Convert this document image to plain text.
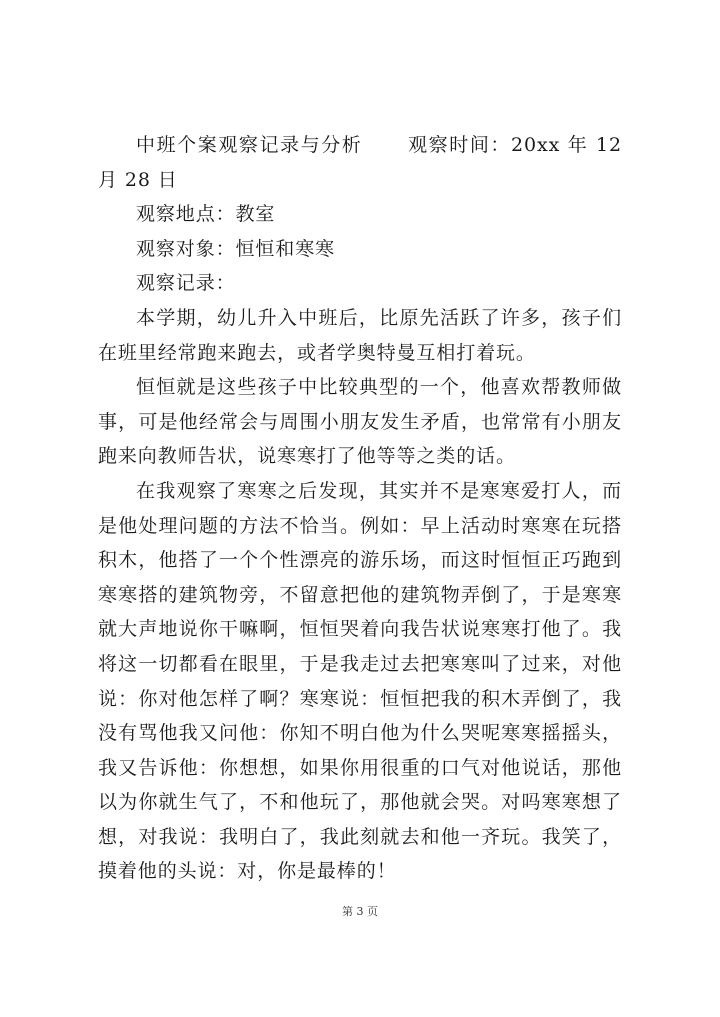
中班个案观察记录与分析      观察时间：20xx 年 12 月 28 日

观察地点：教室

观察对象：恒恒和寒寒

观察记录：

本学期，幼儿升入中班后，比原先活跃了许多，孩子们在班里经常跑来跑去，或者学奥特曼互相打着玩。

恒恒就是这些孩子中比较典型的一个，他喜欢帮教师做事，可是他经常会与周围小朋友发生矛盾，也常常有小朋友跑来向教师告状，说寒寒打了他等等之类的话。

在我观察了寒寒之后发现，其实并不是寒寒爱打人，而是他处理问题的方法不恰当。例如：早上活动时寒寒在玩搭积木，他搭了一个个性漂亮的游乐场，而这时恒恒正巧跑到寒寒搭的建筑物旁，不留意把他的建筑物弄倒了，于是寒寒就大声地说你干嘛啊，恒恒哭着向我告状说寒寒打他了。我将这一切都看在眼里，于是我走过去把寒寒叫了过来，对他说：你对他怎样了啊？寒寒说：恒恒把我的积木弄倒了，我没有骂他我又问他：你知不明白他为什么哭呢寒寒摇摇头，我又告诉他：你想想，如果你用很重的口气对他说话，那他以为你就生气了，不和他玩了，那他就会哭。对吗寒寒想了想，对我说：我明白了，我此刻就去和他一齐玩。我笑了，摸着他的头说：对，你是最棒的！

第 3 页
